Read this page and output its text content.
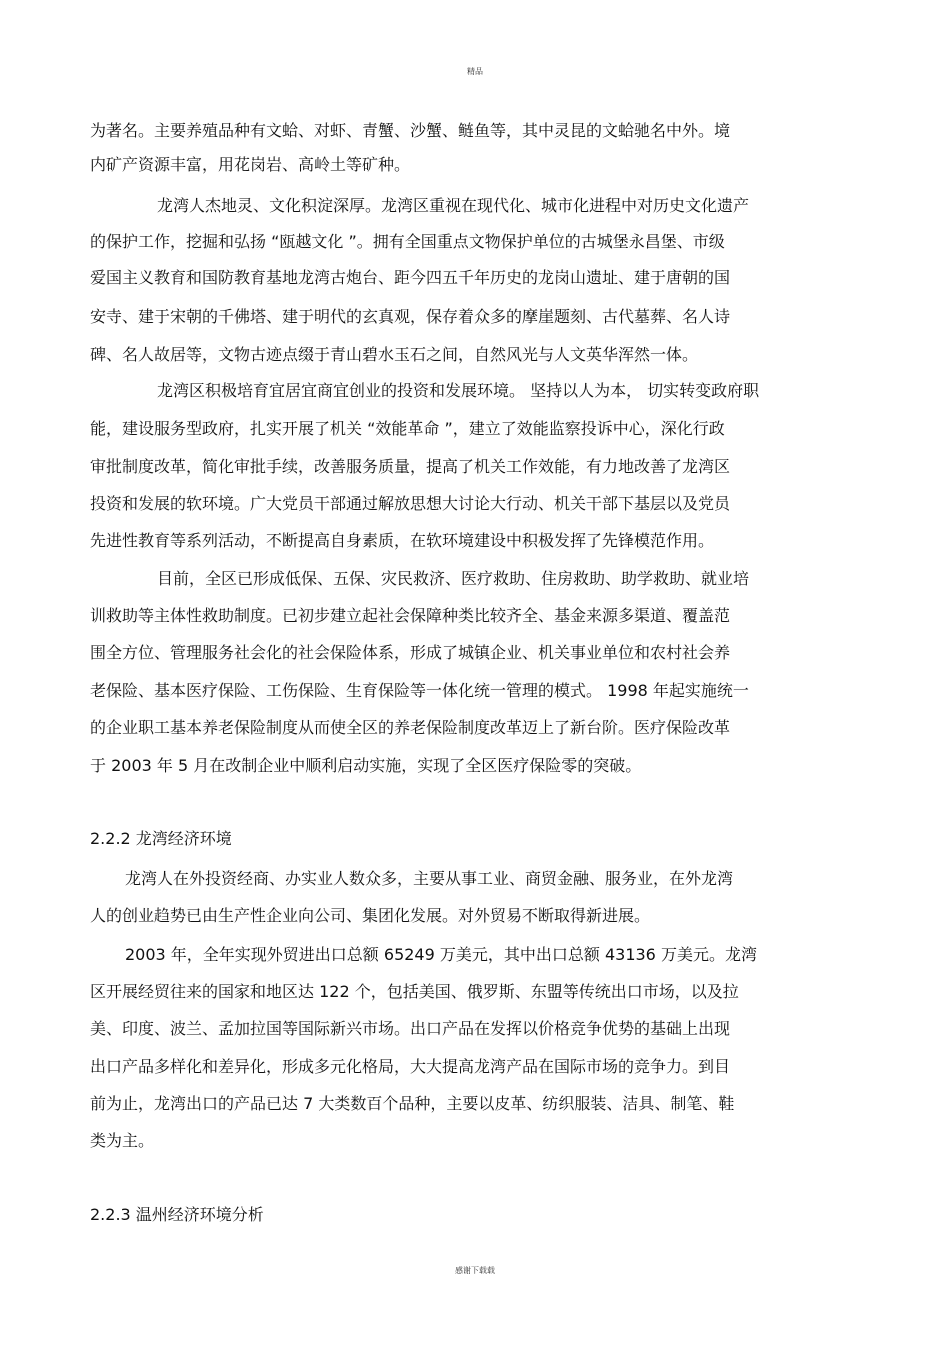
精品
为著名。主要养殖品种有文蛤、对虾、青蟹、沙蟹、鲢鱼等，其中灵昆的文蛤驰名中外。境
内矿产资源丰富，用花岗岩、高岭土等矿种。
龙湾人杰地灵、文化积淀深厚。龙湾区重视在现代化、城市化进程中对历史文化遗产
的保护工作，挖掘和弘扬 “瓯越文化 ”。拥有全国重点文物保护单位的古城堡永昌堡、市级
爱国主义教育和国防教育基地龙湾古炮台、距今四五千年历史的龙岗山遗址、建于唐朝的国
安寺、建于宋朝的千佛塔、建于明代的玄真观，保存着众多的摩崖题刻、古代墓葬、名人诗
碑、名人故居等，文物古迹点缀于青山碧水玉石之间，自然风光与人文英华浑然一体。
龙湾区积极培育宜居宜商宜创业的投资和发展环境。 坚持以人为本， 切实转变政府职
能，建设服务型政府，扎实开展了机关 “效能革命 ”，建立了效能监察投诉中心，深化行政
审批制度改革，简化审批手续，改善服务质量，提高了机关工作效能，有力地改善了龙湾区
投资和发展的软环境。广大党员干部通过解放思想大讨论大行动、机关干部下基层以及党员
先进性教育等系列活动，不断提高自身素质，在软环境建设中积极发挥了先锋模范作用。
目前，全区已形成低保、五保、灾民救济、医疗救助、住房救助、助学救助、就业培
训救助等主体性救助制度。已初步建立起社会保障种类比较齐全、基金来源多渠道、覆盖范
围全方位、管理服务社会化的社会保险体系，形成了城镇企业、机关事业单位和农村社会养
老保险、基本医疗保险、工伤保险、生育保险等一体化统一管理的模式。 1998 年起实施统一
的企业职工基本养老保险制度从而使全区的养老保险制度改革迈上了新台阶。医疗保险改革
于 2003 年 5 月在改制企业中顺利启动实施，实现了全区医疗保险零的突破。
2.2.2 龙湾经济环境
龙湾人在外投资经商、办实业人数众多，主要从事工业、商贸金融、服务业，在外龙湾
人的创业趋势已由生产性企业向公司、集团化发展。对外贸易不断取得新进展。
2003 年，全年实现外贸进出口总额 65249 万美元，其中出口总额 43136 万美元。龙湾
区开展经贸往来的国家和地区达 122 个，包括美国、俄罗斯、东盟等传统出口市场，以及拉
美、印度、波兰、孟加拉国等国际新兴市场。出口产品在发挥以价格竞争优势的基础上出现
出口产品多样化和差异化，形成多元化格局，大大提高龙湾产品在国际市场的竞争力。到目
前为止，龙湾出口的产品已达 7 大类数百个品种，主要以皮革、纺织服装、洁具、制笔、鞋
类为主。
2.2.3 温州经济环境分析
感谢下载载
